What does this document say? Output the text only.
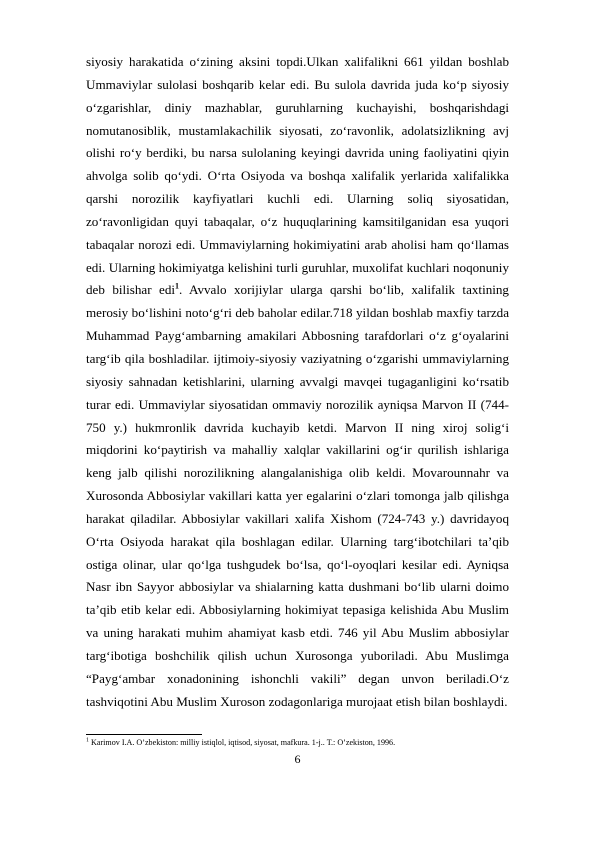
siyosiy harakatida o‘zining aksini topdi.Ulkan xalifalikni 661 yildan boshlab Ummaviylar sulolasi boshqarib kelar edi. Bu sulola davrida juda ko‘p siyosiy o‘zgarishlar, diniy mazhablar, guruhlarning kuchayishi, boshqarishdagi nomutanosiblik, mustamlakachilik siyosati, zo‘ravonlik, adolatsizlikning avj olishi ro‘y berdiki, bu narsa sulolaning keyingi davrida uning faoliyatini qiyin ahvolga solib qo‘ydi. O‘rta Osiyoda va boshqa xalifalik yerlarida xalifalikka qarshi norozilik kayfiyatlari kuchli edi. Ularning soliq siyosatidan, zo‘ravonligidan quyi tabaqalar, o‘z huquqlarining kamsitilganidan esa yuqori tabaqalar norozi edi. Ummaviylarning hokimiyatini arab aholisi ham qo‘llamas edi. Ularning hokimiyatga kelishini turli guruhlar, muxolifat kuchlari noqonuniy deb bilishar edi$^1$. Avvalo xorijiylar ularga qarshi bo‘lib, xalifalik taxtining merosiy bo‘lishini noto‘g‘ri deb baholar edilar.718 yildan boshlab maxfiy tarzda Muhammad Payg‘ambarning amakilari Abbosning tarafdorlari o‘z g‘oyalarini targ‘ib qila boshladilar. ijtimoiy-siyosiy vaziyatning o‘zgarishi ummaviylarning siyosiy sahnadan ketishlarini, ularning avvalgi mavqei tugaganligini ko‘rsatib turar edi. Ummaviylar siyosatidan ommaviy norozilik ayniqsa Marvon II (744-750 y.) hukmronlik davrida kuchayib ketdi. Marvon II ning xiroj solig‘i miqdorini ko‘paytirish va mahalliy xalqlar vakillarini og‘ir qurilish ishlariga keng jalb qilishi norozilikning alangalanishiga olib keldi. Movarounnahr va Xurosonda Abbosiylar vakillari katta yer egalarini o‘zlari tomonga jalb qilishga harakat qiladilar. Abbosiylar vakillari xalifa Xishom (724-743 y.) davridayoq O‘rta Osiyoda harakat qila boshlagan edilar. Ularning targ‘ibotchilari ta’qib ostiga olinar, ular qo‘lga tushgudek bo‘lsa, qo‘l-oyoqlari kesilar edi. Ayniqsa Nasr ibn Sayyor abbosiylar va shialarning katta dushmani bo‘lib ularni doimo ta’qib etib kelar edi. Abbosiylarning hokimiyat tepasiga kelishida Abu Muslim va uning harakati muhim ahamiyat kasb etdi. 746 yil Abu Muslim abbosiylar targ‘ibotiga boshchilik qilish uchun Xurosonga yuboriladi. Abu Muslimga “Payg‘ambar xonadonining ishonchli vakili” degan unvon beriladi.O‘z tashviqotini Abu Muslim Xuroson zodagonlariga murojaat etish bilan boshlaydi.

$^1$ Karimov I.A. O’zbekiston: milliy istiqlol, iqtisod, siyosat, mafkura. 1-j.. T.: O’zekiston, 1996.
6
